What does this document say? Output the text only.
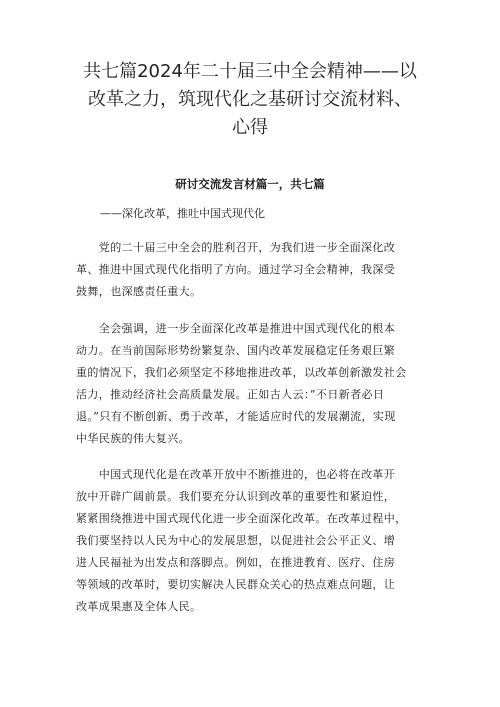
共七篇2024年二十届三中全会精神——以
改革之力，筑现代化之基研讨交流材料、
心得
研讨交流发言材篇一，共七篇
——深化改革，推吐中国式现代化

　　党的二十届三中全会的胜利召开，为我们进一步全面深化改
革、推进中国式现代化指明了方向。通过学习全会精神，我深受
鼓舞，也深感责任重大。

　　全会强调，进一步全面深化改革是推进中国式现代化的根本
动力。在当前国际形势纷繁复杂、国内改革发展稳定任务艰巨繁
重的情况下，我们必须坚定不移地推进改革，以改革创新激发社会
活力，推动经济社会高质量发展。正如古人云：”不日新者必日
退。”只有不断创新、勇于改革，才能适应时代的发展潮流，实现
中华民族的伟大复兴。

　　中国式现代化是在改革开放中不断推进的，也必将在改革开
放中开辟广阔前景。我们要充分认识到改革的重要性和紧迫性，
紧紧围绕推进中国式现代化进一步全面深化改革。在改革过程中，
我们要坚持以人民为中心的发展思想，以促进社会公平正义、增
进人民福祉为出发点和落脚点。例如，在推进教育、医疗、住房
等领域的改革时，要切实解决人民群众关心的热点难点问题，让
改革成果惠及全体人民。
